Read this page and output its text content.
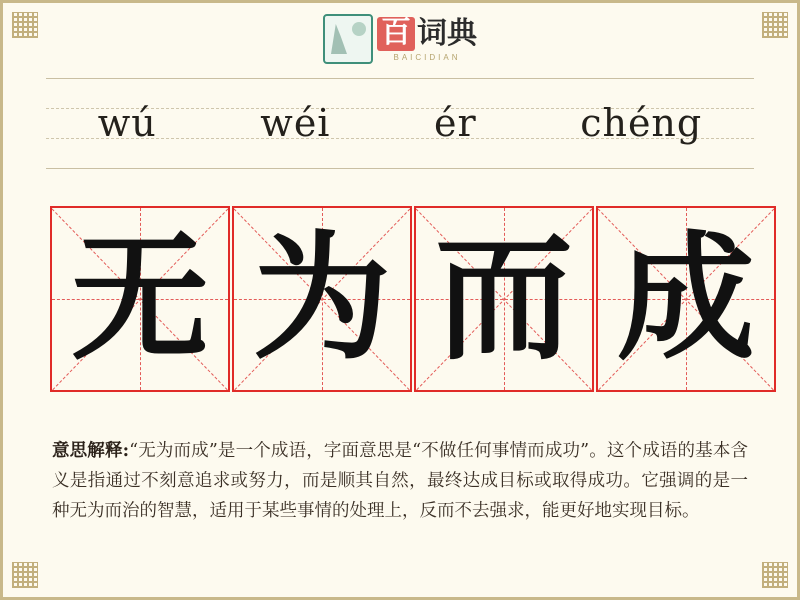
百 词典
BAICIDIAN
wú	wéi	ér	chéng
无 为 而 成
意思解释:“无为而成”是一个成语，字面意思是“不做任何事情而成功”。这个成语的基本含义是指通过不刻意追求或努力，而是顺其自然，最终达成目标或取得成功。它强调的是一种无为而治的智慧，适用于某些事情的处理上，反而不去强求，能更好地实现目标。
